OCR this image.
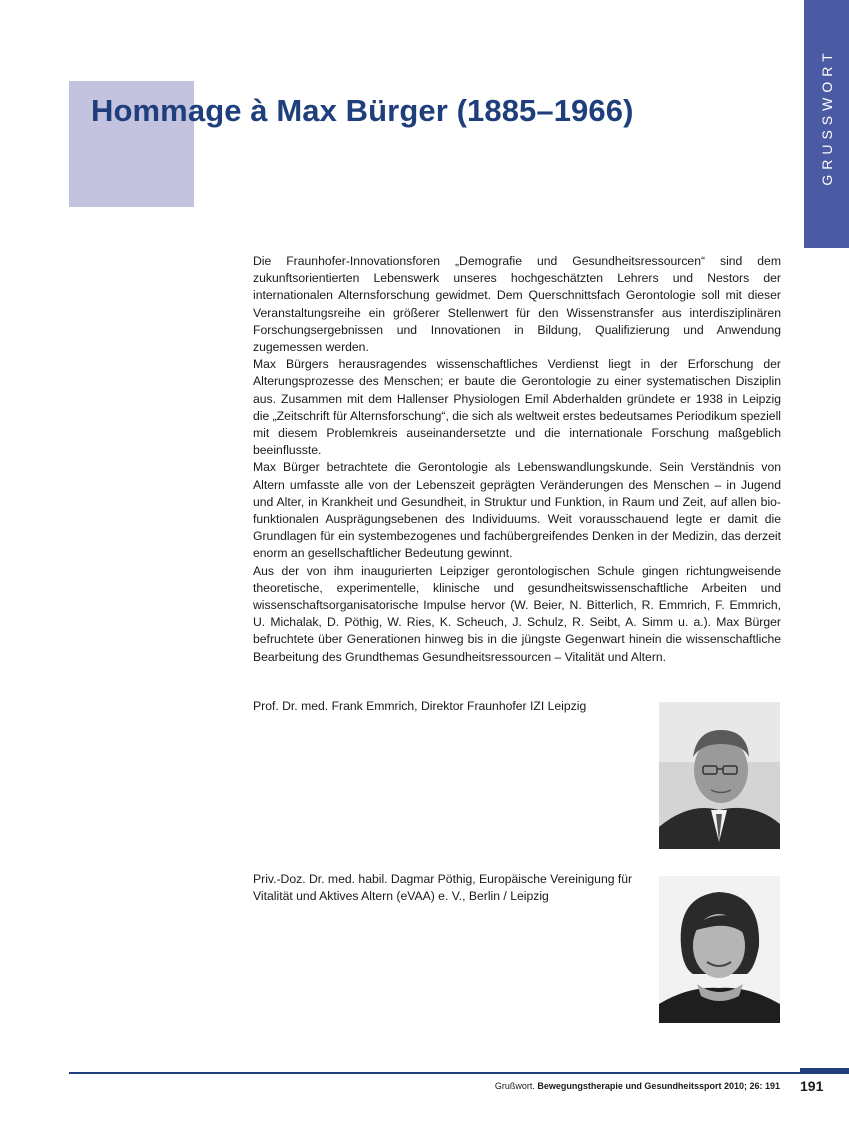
Hommage à Max Bürger (1885–1966)	GRUSSWORT

Die Fraunhofer-Innovationsforen „Demografie und Gesundheitsressourcen“ sind dem zukunftsorientierten Lebenswerk unseres hochgeschätzten Lehrers und Nestors der internationalen Alternsforschung gewidmet. Dem Querschnittsfach Gerontologie soll mit dieser Veranstaltungsreihe ein größerer Stellenwert für den Wissenstransfer aus interdisziplinären Forschungsergebnissen und Innovationen in Bildung, Qualifizierung und Anwendung zugemessen werden.

Max Bürgers herausragendes wissenschaftliches Verdienst liegt in der Erforschung der Alterungsprozesse des Menschen; er baute die Gerontologie zu einer systematischen Disziplin aus. Zusammen mit dem Hallenser Physiologen Emil Abderhalden gründete er 1938 in Leipzig die „Zeitschrift für Alternsforschung“, die sich als weltweit erstes bedeutsames Periodikum speziell mit diesem Problemkreis auseinandersetzte und die internationale Forschung maßgeblich beeinflusste.

Max Bürger betrachtete die Gerontologie als Lebenswandlungskunde. Sein Verständnis von Altern umfasste alle von der Lebenszeit geprägten Veränderungen des Menschen – in Jugend und Alter, in Krankheit und Gesundheit, in Struktur und Funktion, in Raum und Zeit, auf allen bio-funktionalen Ausprägungsebenen des Individuums. Weit vorausschauend legte er damit die Grundlagen für ein systembezogenes und fachübergreifendes Denken in der Medizin, das derzeit enorm an gesellschaftlicher Bedeutung gewinnt.

Aus der von ihm inaugurierten Leipziger gerontologischen Schule gingen richtungweisende theoretische, experimentelle, klinische und gesundheitswissenschaftliche Arbeiten und wissenschaftsorganisatorische Impulse hervor (W. Beier, N. Bitterlich, R. Emmrich, F. Emmrich, U. Michalak, D. Pöthig, W. Ries, K. Scheuch, J. Schulz, R. Seibt, A. Simm u. a.). Max Bürger befruchtete über Generationen hinweg bis in die jüngste Gegenwart hinein die wissenschaftliche Bearbeitung des Grundthemas Gesundheitsressourcen – Vitalität und Altern.

Prof. Dr. med. Frank Emmrich, Direktor Fraunhofer IZI Leipzig
Priv.-Doz. Dr. med. habil. Dagmar Pöthig, Europäische Vereinigung für Vitalität und Aktives Altern (eVAA) e. V., Berlin / Leipzig
Grußwort. Bewegungstherapie und Gesundheitssport 2010; 26: 191 191
